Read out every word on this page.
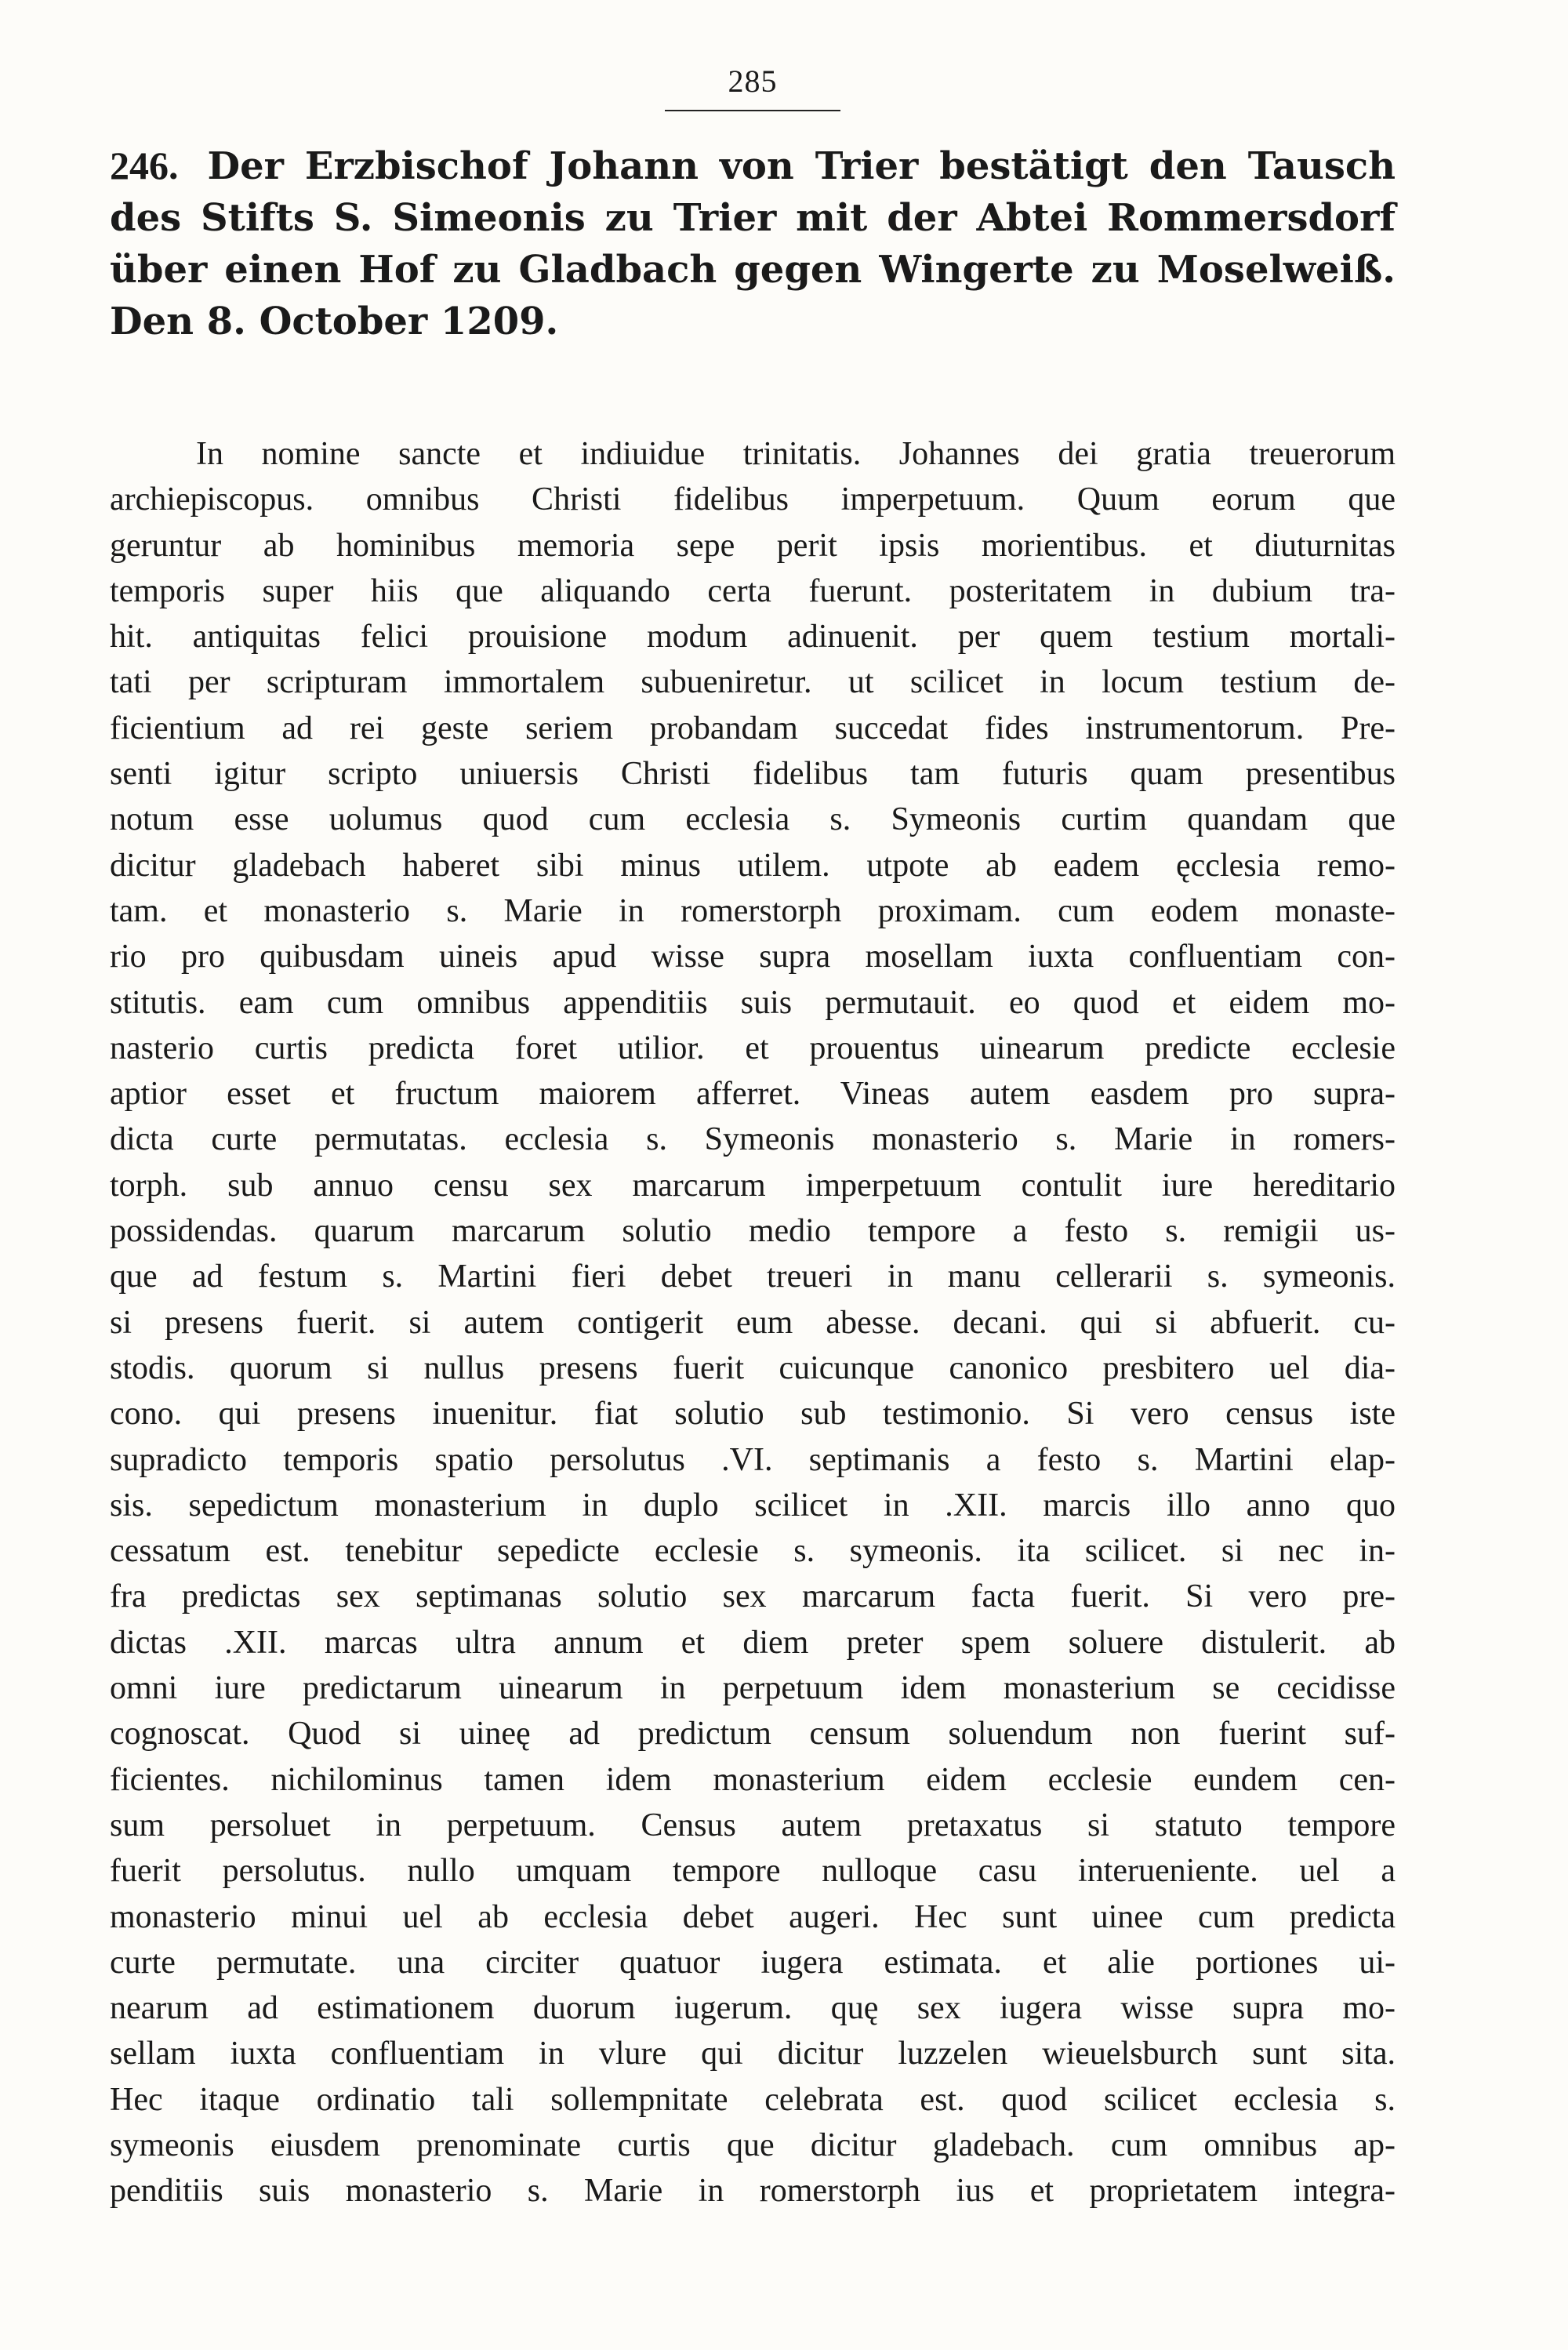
285
246. Der Erzbischof Johann von Trier bestätigt den Tausch des Stifts S. Simeonis zu Trier mit der Abtei Rommersdorf über einen Hof zu Gladbach gegen Wingerte zu Moselweiß. Den 8. October 1209.
In nomine sancte et indiuidue trinitatis. Johannes dei gratia treuerorum
archiepiscopus. omnibus Christi fidelibus imperpetuum. Quum eorum que
geruntur ab hominibus memoria sepe perit ipsis morientibus. et diuturnitas
temporis super hiis que aliquando certa fuerunt. posteritatem in dubium tra-
hit. antiquitas felici prouisione modum adinuenit. per quem testium mortali-
tati per scripturam immortalem subueniretur. ut scilicet in locum testium de-
ficientium ad rei geste seriem probandam succedat fides instrumentorum. Pre-
senti igitur scripto uniuersis Christi fidelibus tam futuris quam presentibus
notum esse uolumus quod cum ecclesia s. Symeonis curtim quandam que
dicitur gladebach haberet sibi minus utilem. utpote ab eadem ęcclesia remo-
tam. et monasterio s. Marie in romerstorph proximam. cum eodem monaste-
rio pro quibusdam uineis apud wisse supra mosellam iuxta confluentiam con-
stitutis. eam cum omnibus appenditiis suis permutauit. eo quod et eidem mo-
nasterio curtis predicta foret utilior. et prouentus uinearum predicte ecclesie
aptior esset et fructum maiorem afferret. Vineas autem easdem pro supra-
dicta curte permutatas. ecclesia s. Symeonis monasterio s. Marie in romers-
torph. sub annuo censu sex marcarum imperpetuum contulit iure hereditario
possidendas. quarum marcarum solutio medio tempore a festo s. remigii us-
que ad festum s. Martini fieri debet treueri in manu cellerarii s. symeonis.
si presens fuerit. si autem contigerit eum abesse. decani. qui si abfuerit. cu-
stodis. quorum si nullus presens fuerit cuicunque canonico presbitero uel dia-
cono. qui presens inuenitur. fiat solutio sub testimonio. Si vero census iste
supradicto temporis spatio persolutus .VI. septimanis a festo s. Martini elap-
sis. sepedictum monasterium in duplo scilicet in .XII. marcis illo anno quo
cessatum est. tenebitur sepedicte ecclesie s. symeonis. ita scilicet. si nec in-
fra predictas sex septimanas solutio sex marcarum facta fuerit. Si vero pre-
dictas .XII. marcas ultra annum et diem preter spem soluere distulerit. ab
omni iure predictarum uinearum in perpetuum idem monasterium se cecidisse
cognoscat. Quod si uineę ad predictum censum soluendum non fuerint suf-
ficientes. nichilominus tamen idem monasterium eidem ecclesie eundem cen-
sum persoluet in perpetuum. Census autem pretaxatus si statuto tempore
fuerit persolutus. nullo umquam tempore nulloque casu interueniente. uel a
monasterio minui uel ab ecclesia debet augeri. Hec sunt uinee cum predicta
curte permutate. una circiter quatuor iugera estimata. et alie portiones ui-
nearum ad estimationem duorum iugerum. quę sex iugera wisse supra mo-
sellam iuxta confluentiam in vlure qui dicitur luzzelen wieuelsburch sunt sita.
Hec itaque ordinatio tali sollempnitate celebrata est. quod scilicet ecclesia s.
symeonis eiusdem prenominate curtis que dicitur gladebach. cum omnibus ap-
penditiis suis monasterio s. Marie in romerstorph ius et proprietatem integra-
